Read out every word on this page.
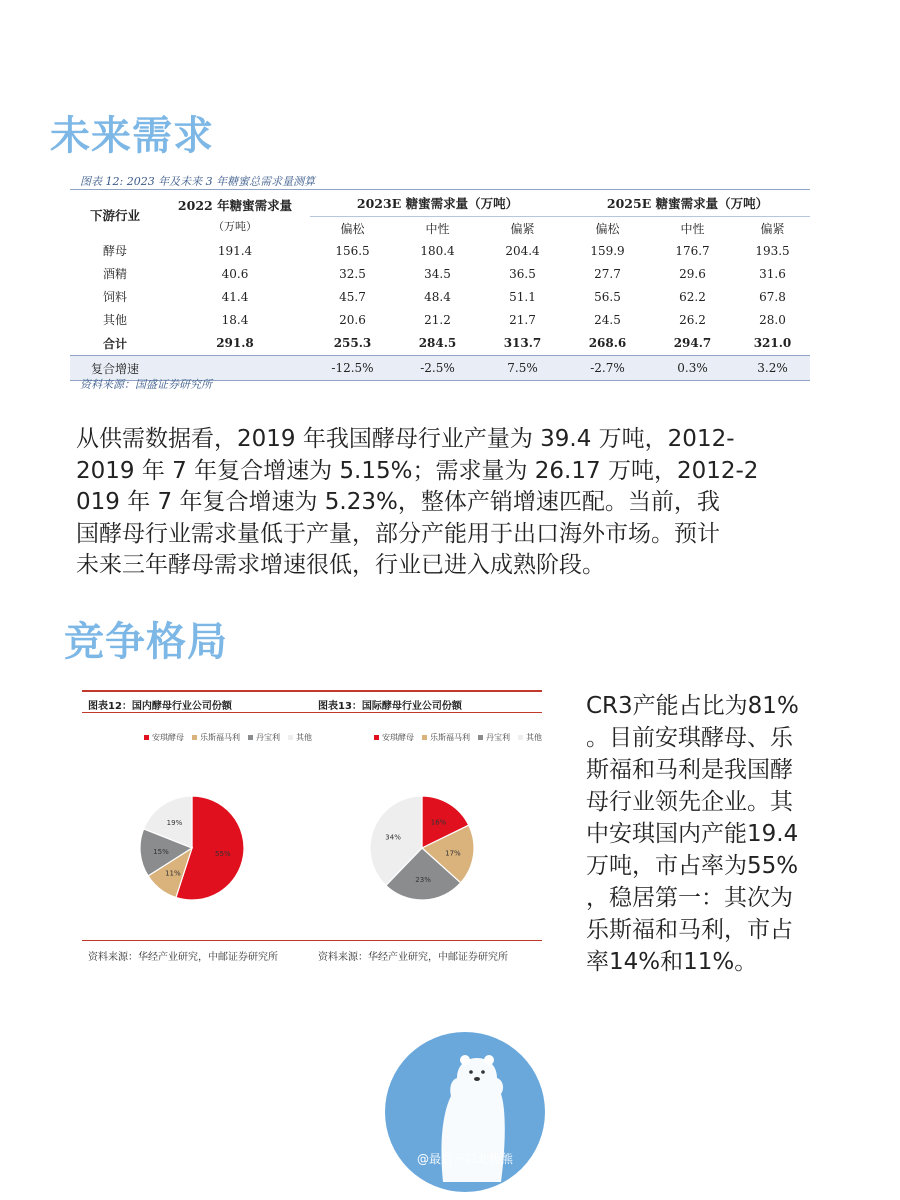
未来需求
图表 12: 2023 年及未来 3 年糖蜜总需求量测算
下游行业	2022 年糖蜜需求量
（万吨）	2023E 糖蜜需求量（万吨）			2025E 糖蜜需求量（万吨）		
		偏松	中性	偏紧	偏松	中性	偏紧
酵母	191.4	156.5	180.4	204.4	159.9	176.7	193.5
酒精	40.6	32.5	34.5	36.5	27.7	29.6	31.6
饲料	41.4	45.7	48.4	51.1	56.5	62.2	67.8
其他	18.4	20.6	21.2	21.7	24.5	26.2	28.0
合计	291.8	255.3	284.5	313.7	268.6	294.7	321.0
复合增速		-12.5%	-2.5%	7.5%	-2.7%	0.3%	3.2%
资料来源：国盛证券研究所
从供需数据看，2019 年我国酵母行业产量为 39.4 万吨，2012-
2019 年 7 年复合增速为 5.15%；需求量为 26.17 万吨，2012-2
019 年 7 年复合增速为 5.23%，整体产销增速匹配。当前，我
国酵母行业需求量低于产量，部分产能用于出口海外市场。预计
未来三年酵母需求增速很低，行业已进入成熟阶段。
竞争格局
图表12：国内酵母行业公司份额	图表13：国际酵母行业公司份额
安琪酵母	乐斯福马利	丹宝利	其他	安琪酵母	乐斯福马利	丹宝利	其他
55%
11%
15%
19%	16%
17%
23%
34%
资料来源：华经产业研究，中邮证券研究所	资料来源：华经产业研究，中邮证券研究所
CR3产能占比为81%
。目前安琪酵母、乐
斯福和马利是我国酵
母行业领先企业。其
中安琪国内产能19.4
万吨，市占率为55%
，稳居第一：其次为
乐斯福和马利，市占
率14%和11%。
@最后一只北极熊
